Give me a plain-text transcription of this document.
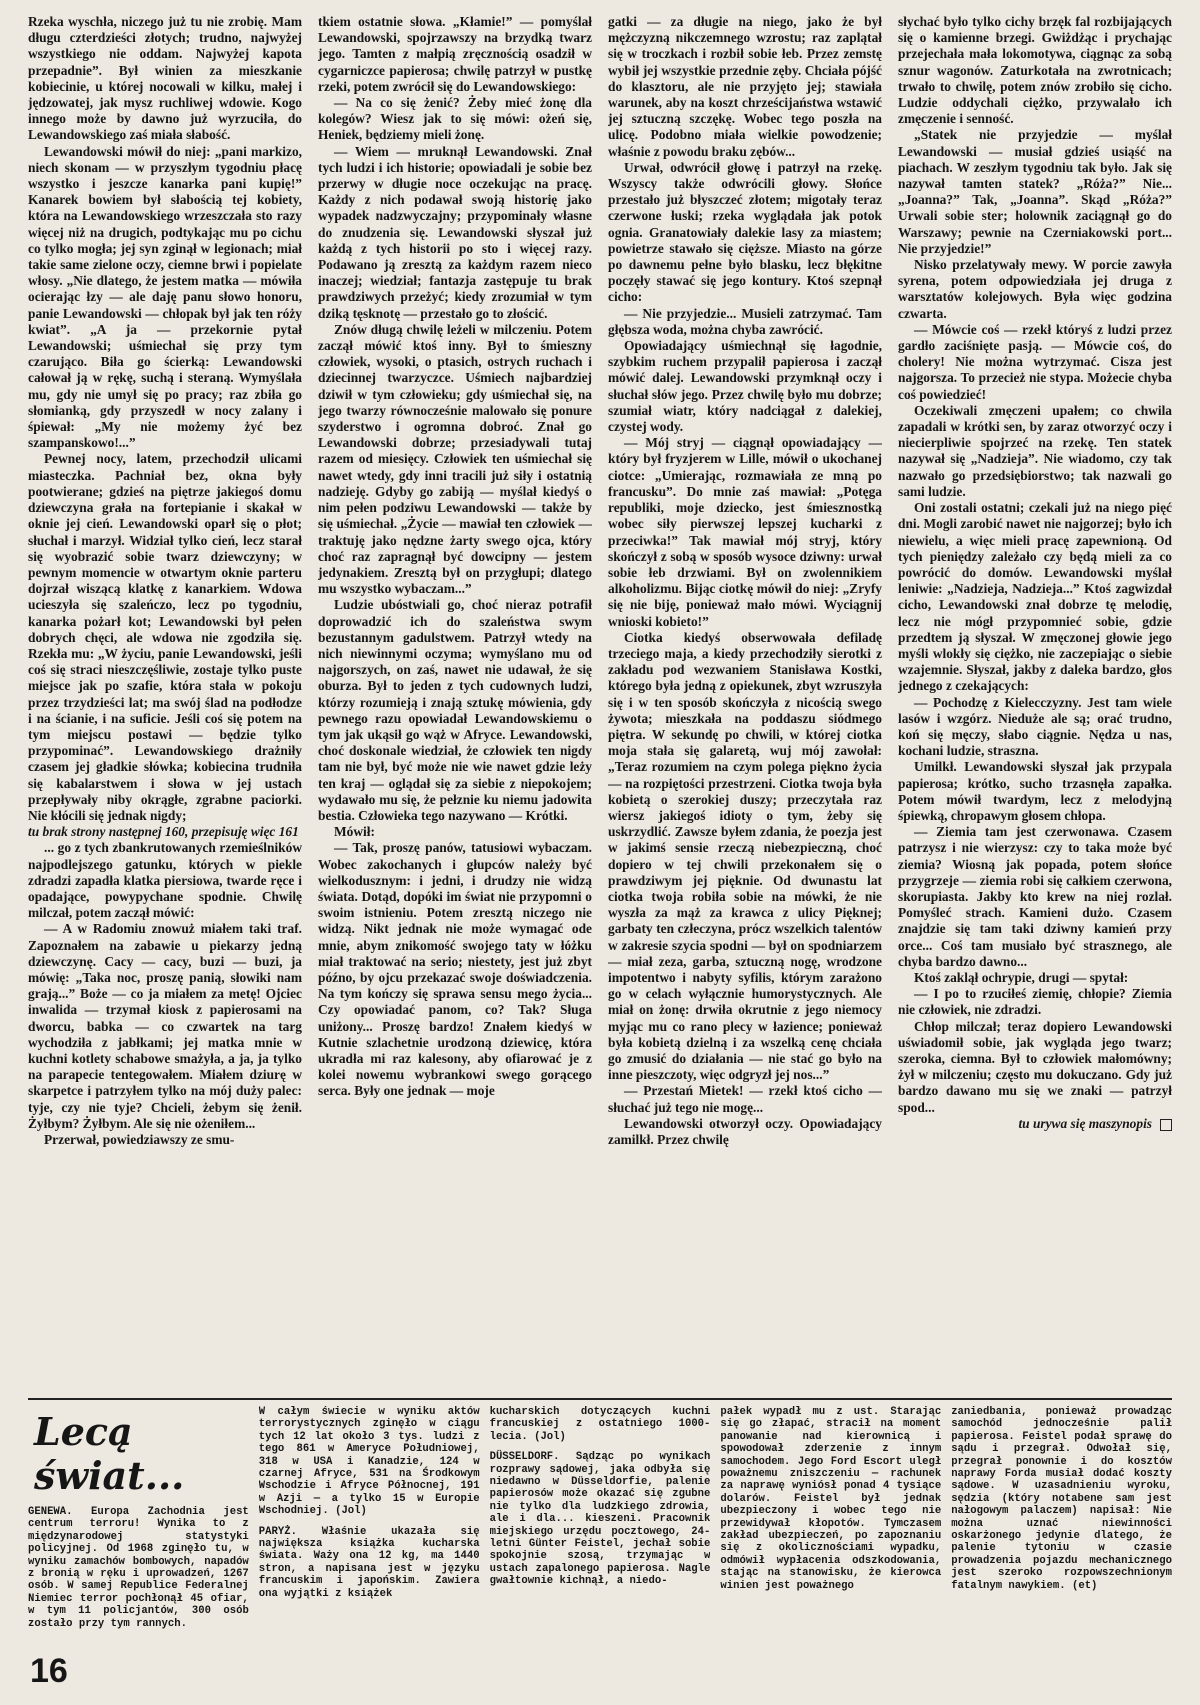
Rzeka wyschła, niczego już tu nie zrobię. Mam długu czterdzieści złotych; trudno, najwyżej wszystkiego nie oddam. Najwyżej kapota przepadnie”. Był winien za mieszkanie kobiecinie, u której nocowali w kilku, małej i jędzowatej, jak mysz ruchliwej wdowie. Kogo innego może by dawno już wyrzuciła, do Lewandowskiego zaś miała słabość.

Lewandowski mówił do niej: „pani markizo, niech skonam — w przyszłym tygodniu płacę wszystko i jeszcze kanarka pani kupię!” Kanarek bowiem był słabością tej kobiety, która na Lewandowskiego wrzeszczała sto razy więcej niż na drugich, podtykając mu po cichu co tylko mogła; jej syn zginął w legionach; miał takie same zielone oczy, ciemne brwi i popielate włosy. „Nie dlatego, że jestem matka — mówiła ocierając łzy — ale daję panu słowo honoru, panie Lewandowski — chłopak był jak ten róży kwiat”. „A ja — przekornie pytał Lewandowski; uśmiechał się przy tym czarująco. Biła go ścierką: Lewandowski całował ją w rękę, suchą i steraną. Wymyślała mu, gdy nie umył się po pracy; raz zbiła go słomianką, gdy przyszedł w nocy zalany i śpiewał: „My nie możemy żyć bez szampanskowo!...”

Pewnej nocy, latem, przechodził ulicami miasteczka. Pachniał bez, okna były pootwierane; gdzieś na piętrze jakiegoś domu dziewczyna grała na fortepianie i skakał w oknie jej cień. Lewandowski oparł się o płot; słuchał i marzył. Widział tylko cień, lecz starał się wyobrazić sobie twarz dziewczyny; w pewnym momencie w otwartym oknie parteru dojrzał wiszącą klatkę z kanarkiem. Wdowa ucieszyła się szaleńczo, lecz po tygodniu, kanarka pożarł kot; Lewandowski był pełen dobrych chęci, ale wdowa nie zgodziła się. Rzekła mu: „W życiu, panie Lewandowski, jeśli coś się straci nieszczęśliwie, zostaje tylko puste miejsce jak po szafie, która stała w pokoju przez trzydzieści lat; ma swój ślad na podłodze i na ścianie, i na suficie. Jeśli coś się potem na tym miejscu postawi — będzie tylko przypominać”. Lewandowskiego drażniły czasem jej gładkie słówka; kobiecina trudniła się kabalarstwem i słowa w jej ustach przepływały niby okrągłe, zgrabne paciorki. Nie kłócili się jednak nigdy;

tu brak strony następnej 160, przepisuję więc 161

... go z tych zbankrutowanych rzemieślników najpodlejszego gatunku, których w piekle zdradzi zapadła klatka piersiowa, twarde ręce i opadające, powypychane spodnie. Chwilę milczał, potem zaczął mówić:

— A w Radomiu znowuż miałem taki traf. Zapoznałem na zabawie u piekarzy jedną dziewczynę. Cacy — cacy, buzi — buzi, ja mówię: „Taka noc, proszę panią, słowiki nam grają...” Boże — co ja miałem za metę! Ojciec inwalida — trzymał kiosk z papierosami na dworcu, babka — co czwartek na targ wychodziła z jabłkami; jej matka mnie w kuchni kotlety schabowe smażyła, a ja, ja tylko na parapecie tentegowałem. Miałem dziurę w skarpetce i patrzyłem tylko na mój duży palec: tyje, czy nie tyje? Chcieli, żebym się żenił. Żyłbym? Żyłbym. Ale się nie ożeniłem...

Przerwał, powiedziawszy ze smu-

tkiem ostatnie słowa. „Kłamie!” — pomyślał Lewandowski, spojrzawszy na brzydką twarz jego. Tamten z małpią zręcznością osadził w cygarniczce papierosa; chwilę patrzył w pustkę rzeki, potem zwrócił się do Lewandowskiego:

— Na co się żenić? Żeby mieć żonę dla kolegów? Wiesz jak to się mówi: ożeń się, Heniek, będziemy mieli żonę.

— Wiem — mruknął Lewandowski. Znał tych ludzi i ich historie; opowiadali je sobie bez przerwy w długie noce oczekując na pracę. Każdy z nich podawał swoją historię jako wypadek nadzwyczajny; przypominały własne do znudzenia się. Lewandowski słyszał już każdą z tych historii po sto i więcej razy. Podawano ją zresztą za każdym razem nieco inaczej; wiedział; fantazja zastępuje tu brak prawdziwych przeżyć; kiedy zrozumiał w tym dziką tęsknotę — przestało go to złościć.

Znów długą chwilę leżeli w milczeniu. Potem zaczął mówić ktoś inny. Był to śmieszny człowiek, wysoki, o ptasich, ostrych ruchach i dziecinnej twarzyczce. Uśmiech najbardziej dziwił w tym człowieku; gdy uśmiechał się, na jego twarzy równocześnie malowało się ponure szyderstwo i ogromna dobroć. Znał go Lewandowski dobrze; przesiadywali tutaj razem od miesięcy. Człowiek ten uśmiechał się nawet wtedy, gdy inni tracili już siły i ostatnią nadzieję. Gdyby go zabiją — myślał kiedyś o nim pełen podziwu Lewandowski — także by się uśmiechał. „Życie — mawiał ten człowiek — traktuję jako nędzne żarty swego ojca, który choć raz zapragnął być dowcipny — jestem jedynakiem. Zresztą był on przygłupi; dlatego mu wszystko wybaczam...”

Ludzie ubóstwiali go, choć nieraz potrafił doprowadzić ich do szaleństwa swym bezustannym gadulstwem. Patrzył wtedy na nich niewinnymi oczyma; wymyślano mu od najgorszych, on zaś, nawet nie udawał, że się oburza. Był to jeden z tych cudownych ludzi, którzy rozumieją i znają sztukę mówienia, gdy pewnego razu opowiadał Lewandowskiemu o tym jak ukąsił go wąż w Afryce. Lewandowski, choć doskonale wiedział, że człowiek ten nigdy tam nie był, być może nie wie nawet gdzie leży ten kraj — oglądał się za siebie z niepokojem; wydawało mu się, że pełznie ku niemu jadowita bestia. Człowieka tego nazywano — Krótki.

Mówił:

— Tak, proszę panów, tatusiowi wybaczam. Wobec zakochanych i głupców należy być wielkodusznym: i jedni, i drudzy nie widzą świata. Dotąd, dopóki im świat nie przypomni o swoim istnieniu. Potem zresztą niczego nie widzą. Nikt jednak nie może wymagać ode mnie, abym znikomość swojego taty w łóżku miał traktować na serio; niestety, jest już zbyt późno, by ojcu przekazać swoje doświadczenia. Na tym kończy się sprawa sensu mego życia... Czy opowiadać panom, co? Tak? Sługa uniżony... Proszę bardzo! Znałem kiedyś w Kutnie szlachetnie urodzoną dziewicę, która ukradła mi raz kalesony, aby ofiarować je z kolei nowemu wybrankowi swego gorącego serca. Były one jednak — moje

gatki — za długie na niego, jako że był mężczyzną nikczemnego wzrostu; raz zaplątał się w troczkach i rozbił sobie łeb. Przez zemstę wybił jej wszystkie przednie zęby. Chciała pójść do klasztoru, ale nie przyjęto jej; stawiała warunek, aby na koszt chrześcijaństwa wstawić jej sztuczną szczękę. Wobec tego poszła na ulicę. Podobno miała wielkie powodzenie; właśnie z powodu braku zębów...

Urwał, odwrócił głowę i patrzył na rzekę. Wszyscy także odwrócili głowy. Słońce przestało już błyszczeć złotem; migotały teraz czerwone łuski; rzeka wyglądała jak potok ognia. Granatowiały dalekie lasy za miastem; powietrze stawało się cięższe. Miasto na górze po dawnemu pełne było blasku, lecz błękitne poczęły stawać się jego kontury. Ktoś szepnął cicho:

— Nie przyjedzie... Musieli zatrzymać. Tam głębsza woda, można chyba zawrócić.

Opowiadający uśmiechnął się łagodnie, szybkim ruchem przypalił papierosa i zaczął mówić dalej. Lewandowski przymknął oczy i słuchał słów jego. Przez chwilę było mu dobrze; szumiał wiatr, który nadciągał z dalekiej, czystej wody.

— Mój stryj — ciągnął opowiadający — który był fryzjerem w Lille, mówił o ukochanej ciotce: „Umierając, rozmawiała ze mną po francusku”. Do mnie zaś mawiał: „Potęga republiki, moje dziecko, jest śmiesznostką wobec siły pierwszej lepszej kucharki z przeciwka!” Tak mawiał mój stryj, który skończył z sobą w sposób wysoce dziwny: urwał sobie łeb drzwiami. Był on zwolennikiem alkoholizmu. Bijąc ciotkę mówił do niej: „Zryfy się nie biję, ponieważ mało mówi. Wyciągnij wnioski kobieto!”

Ciotka kiedyś obserwowała defiladę trzeciego maja, a kiedy przechodziły sierotki z zakładu pod wezwaniem Stanisława Kostki, którego była jedną z opiekunek, zbyt wzruszyła się i w ten sposób skończyła z nicością swego żywota; mieszkała na poddaszu siódmego piętra. W sekundę po chwili, w której ciotka moja stała się galaretą, wuj mój zawołał: „Teraz rozumiem na czym polega piękno życia — na rozpiętości przestrzeni. Ciotka twoja była kobietą o szerokiej duszy; przeczytała raz wiersz jakiegoś idioty o tym, żeby się uskrzydlić. Zawsze byłem zdania, że poezja jest w jakimś sensie rzeczą niebezpieczną, choć dopiero w tej chwili przekonałem się o prawdziwym jej pięknie. Od dwunastu lat ciotka twoja robiła sobie na mówki, że nie wyszła za mąż za krawca z ulicy Pięknej; garbaty ten człeczyna, prócz wszelkich talentów w zakresie szycia spodni — był on spodniarzem — miał zeza, garba, sztuczną nogę, wrodzone impotentwo i nabyty syfilis, którym zarażono go w celach wyłącznie humorystycznych. Ale miał on żonę: drwiła okrutnie z jego niemocy myjąc mu co rano plecy w łazience; ponieważ była kobietą dzielną i za wszelką cenę chciała go zmusić do działania — nie stać go było na inne pieszczoty, więc odgryzł jej nos...”

— Przestań Mietek! — rzekł ktoś cicho — słuchać już tego nie mogę...

Lewandowski otworzył oczy. Opowiadający zamilkł. Przez chwilę

słychać było tylko cichy brzęk fal rozbijających się o kamienne brzegi. Gwiżdżąc i prychając przejechała mała lokomotywa, ciągnąc za sobą sznur wagonów. Zaturkotała na zwrotnicach; trwało to chwilę, potem znów zrobiło się cicho. Ludzie oddychali ciężko, przywalało ich zmęczenie i senność.

„Statek nie przyjedzie — myślał Lewandowski — musiał gdzieś usiąść na piachach. W zeszłym tygodniu tak było. Jak się nazywał tamten statek? „Róża?” Nie... „Joanna?” Tak, „Joanna”. Skąd „Róża?” Urwali sobie ster; holownik zaciągnął go do Warszawy; pewnie na Czerniakowski port... Nie przyjedzie!”

Nisko przelatywały mewy. W porcie zawyła syrena, potem odpowiedziała jej druga z warsztatów kolejowych. Była więc godzina czwarta.

— Mówcie coś — rzekł któryś z ludzi przez gardło zaciśnięte pasją. — Mówcie coś, do cholery! Nie można wytrzymać. Cisza jest najgorsza. To przecież nie stypa. Możecie chyba coś powiedzieć!

Oczekiwali zmęczeni upałem; co chwila zapadali w krótki sen, by zaraz otworzyć oczy i niecierpliwie spojrzeć na rzekę. Ten statek nazywał się „Nadzieja”. Nie wiadomo, czy tak nazwało go przedsiębiorstwo; tak nazwali go sami ludzie.

Oni zostali ostatni; czekali już na niego pięć dni. Mogli zarobić nawet nie najgorzej; było ich niewielu, a więc mieli pracę zapewnioną. Od tych pieniędzy zależało czy będą mieli za co powrócić do domów. Lewandowski myślał leniwie: „Nadzieja, Nadzieja...” Ktoś zagwizdał cicho, Lewandowski znał dobrze tę melodię, lecz nie mógł przypomnieć sobie, gdzie przedtem ją słyszał. W zmęczonej głowie jego myśli wlokły się ciężko, nie zaczepiając o siebie wzajemnie. Słyszał, jakby z daleka bardzo, głos jednego z czekających:

— Pochodzę z Kielecczyzny. Jest tam wiele lasów i wzgórz. Nieduże ale są; orać trudno, koń się męczy, słabo ciągnie. Nędza u nas, kochani ludzie, straszna.

Umilkł. Lewandowski słyszał jak przypala papierosa; krótko, sucho trzasnęła zapałka. Potem mówił twardym, lecz z melodyjną śpiewką, chropawym głosem chłopa.

— Ziemia tam jest czerwonawa. Czasem patrzysz i nie wierzysz: czy to taka może być ziemia? Wiosną jak popada, potem słońce przygrzeje — ziemia robi się całkiem czerwona, skorupiasta. Jakby kto krew na niej rozlał. Pomyśleć strach. Kamieni dużo. Czasem znajdzie się tam taki dziwny kamień przy orce... Coś tam musiało być strasznego, ale chyba bardzo dawno...

Ktoś zaklął ochrypie, drugi — spytał:

— I po to rzuciłeś ziemię, chłopie? Ziemia nie człowiek, nie zdradzi.

Chłop milczał; teraz dopiero Lewandowski uświadomił sobie, jak wygląda jego twarz; szeroka, ciemna. Był to człowiek małomówny; żył w milczeniu; często mu dokuczano. Gdy już bardzo dawano mu się we znaki — patrzył spod...

tu urywa się maszynopis

Lecą świat...

GENEWA. Europa Zachodnia jest centrum terroru! Wynika to z międzynarodowej statystyki policyjnej. Od 1968 zginęło tu, w wyniku zamachów bombowych, napadów z bronią w ręku i uprowadzeń, 1267 osób. W samej Republice Federalnej Niemiec terror pochłonął 45 ofiar, w tym 11 policjantów, 300 osób zostało przy tym rannych.

W całym świecie w wyniku aktów terrorystycznych zginęło w ciągu tych 12 lat około 3 tys. ludzi z tego 861 w Ameryce Południowej, 318 w USA i Kanadzie, 124 w czarnej Afryce, 531 na Środkowym Wschodzie i Afryce Północnej, 191 w Azji — a tylko 15 w Europie Wschodniej. (Jol)

PARYŻ. Właśnie ukazała się największa książka kucharska świata. Waży ona 12 kg, ma 1440 stron, a napisana jest w języku francuskim i japońskim. Zawiera ona wyjątki z książek

kucharskich dotyczących kuchni francuskiej z ostatniego 1000-lecia. (Jol)

DÜSSELDORF. Sądząc po wynikach rozprawy sądowej, jaka odbyła się niedawno w Düsseldorfie, palenie papierosów może okazać się zgubne nie tylko dla ludzkiego zdrowia, ale i dla... kieszeni. Pracownik miejskiego urzędu pocztowego, 24-letni Günter Feistel, jechał sobie spokojnie szosą, trzymając w ustach zapalonego papierosa. Nagle gwałtownie kichnął, a niedo-

pałek wypadł mu z ust. Starając się go złapać, stracił na moment panowanie nad kierownicą i spowodował zderzenie z innym samochodem. Jego Ford Escort uległ poważnemu zniszczeniu — rachunek za naprawę wyniósł ponad 4 tysiące dolarów. Feistel był jednak ubezpieczony i wobec tego nie przewidywał kłopotów. Tymczasem zakład ubezpieczeń, po zapoznaniu się z okolicznościami wypadku, odmówił wypłacenia odszkodowania, stając na stanowisku, że kierowca winien jest poważnego

zaniedbania, ponieważ prowadząc samochód jednocześnie palił papierosa. Feistel podał sprawę do sądu i przegrał. Odwołał się, przegrał ponownie i do kosztów naprawy Forda musiał dodać koszty sądowe. W uzasadnieniu wyroku, sędzia (który notabene sam jest nałogowym palaczem) napisał: Nie można uznać niewinności oskarżonego jedynie dlatego, że palenie tytoniu w czasie prowadzenia pojazdu mechanicznego jest szeroko rozpowszechnionym fatalnym nawykiem. (et)

16
